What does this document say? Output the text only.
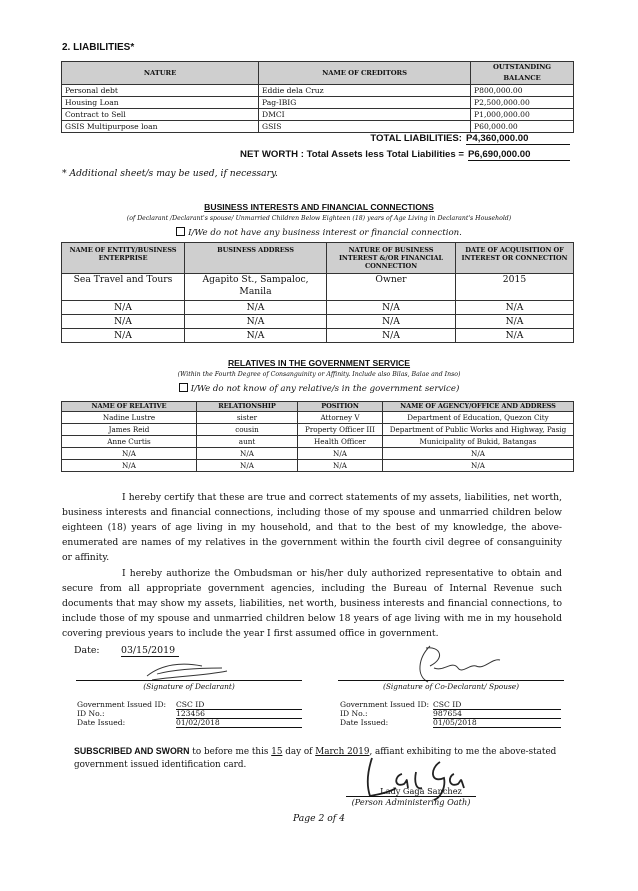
2. LIABILITIES*
NATURE	NAME OF CREDITORS	OUTSTANDING BALANCE
Personal debt	Eddie dela Cruz	P800,000.00
Housing Loan	Pag-IBIG	P2,500,000.00
Contract to Sell	DMCI	P1,000,000.00
GSIS Multipurpose loan	GSIS	P60,000.00
TOTAL LIABILITIES: P4,360,000.00
NET WORTH : Total Assets less Total Liabilities = P6,690,000.00
* Additional sheet/s may be used, if necessary.
BUSINESS INTERESTS AND FINANCIAL CONNECTIONS
(of Declarant /Declarant's spouse/ Unmarried Children Below Eighteen (18) years of Age Living in Declarant's Household)
I/We do not have any business interest or financial connection.
NAME OF ENTITY/BUSINESS ENTERPRISE	BUSINESS ADDRESS	NATURE OF BUSINESS INTEREST &/OR FINANCIAL CONNECTION	DATE OF ACQUISITION OF INTEREST OR CONNECTION
Sea Travel and Tours	Agapito St., Sampaloc, Manila	Owner	2015
N/A	N/A	N/A	N/A
N/A	N/A	N/A	N/A
N/A	N/A	N/A	N/A
RELATIVES IN THE GOVERNMENT SERVICE
(Within the Fourth Degree of Consanguinity or Affinity. Include also Bilas, Balae and Inso)
I/We do not know of any relative/s in the government service)
NAME OF RELATIVE	RELATIONSHIP	POSITION	NAME OF AGENCY/OFFICE AND ADDRESS
Nadine Lustre	sister	Attorney V	Department of Education, Quezon City
James Reid	cousin	Property Officer III	Department of Public Works and Highway, Pasig
Anne Curtis	aunt	Health Officer	Municipality of Bukid, Batangas
N/A	N/A	N/A	N/A
N/A	N/A	N/A	N/A
I hereby certify that these are true and correct statements of my assets, liabilities, net worth, business interests and financial connections, including those of my spouse and unmarried children below eighteen (18) years of age living in my household, and that to the best of my knowledge, the above-enumerated are names of my relatives in the government within the fourth civil degree of consanguinity or affinity.
I hereby authorize the Ombudsman or his/her duly authorized representative to obtain and secure from all appropriate government agencies, including the Bureau of Internal Revenue such documents that may show my assets, liabilities, net worth, business interests and financial connections, to include those of my spouse and unmarried children below 18 years of age living with me in my household covering previous years to include the year I first assumed office in government.
Date: 03/15/2019
(Signature of Declarant)
Government Issued ID: CSC ID
ID No.:	123456
Date Issued:	01/02/2018
(Signature of Co-Declarant/ Spouse)
Government Issued ID: CSC ID
ID No.:	987654
Date Issued:	01/05/2018
SUBSCRIBED AND SWORN to before me this 15 day of March 2019, affiant exhibiting to me the above-stated government issued identification card.
Lady Gaga Sanchez
(Person Administering Oath)
Page 2 of 4
